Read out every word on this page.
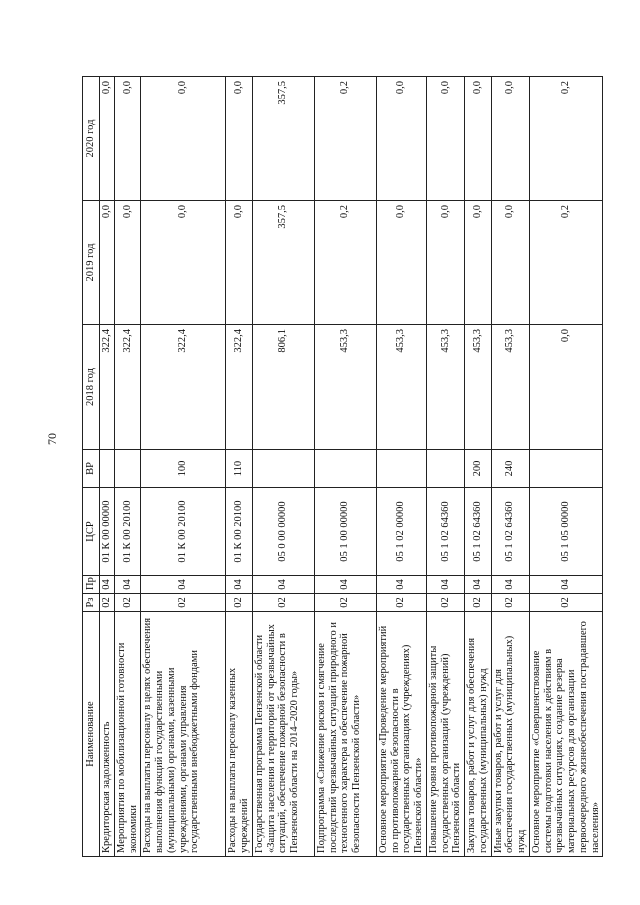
70
Наименование	Рз	Пр	ЦСР	ВР	2018 год	2019 год	2020 год
Кредиторская задолженность	02	04	01 К 00 00000		322,4	0,0	0,0
Мероприятия по мобилизационной готовности экономики	02	04	01 К 00 20100		322,4	0,0	0,0
Расходы на выплаты персоналу в целях обеспечения выполнения функций государственными (муниципальными) органами, казенными учреждениями, органами управления государственными внебюджетными фондами	02	04	01 К 00 20100	100	322,4	0,0	0,0
Расходы на выплаты персоналу казенных учреждений	02	04	01 К 00 20100	110	322,4	0,0	0,0
Государственная программа Пензенской области «Защита населения и территорий от чрезвычайных ситуаций, обеспечение пожарной безопасности в Пензенской области на 2014–2020 годы»	02	04	05 0 00 00000		806,1	357,5	357,5
Подпрограмма «Снижение рисков и смягчение последствий чрезвычайных ситуаций природного и техногенного характера и обеспечение пожарной безопасности Пензенской области»	02	04	05 1 00 00000		453,3	0,2	0,2
Основное мероприятие «Проведение мероприятий по противопожарной безопасности в государственных организациях (учреждениях) Пензенской области»	02	04	05 1 02 00000		453,3	0,0	0,0
Повышение уровня противопожарной защиты государственных организаций (учреждений) Пензенской области	02	04	05 1 02 64360		453,3	0,0	0,0
Закупка товаров, работ и услуг для обеспечения государственных (муниципальных) нужд	02	04	05 1 02 64360	200	453,3	0,0	0,0
Иные закупки товаров, работ и услуг для обеспечения государственных (муниципальных) нужд	02	04	05 1 02 64360	240	453,3	0,0	0,0
Основное мероприятие «Совершенствование системы подготовки населения к действиям в чрезвычайных ситуациях, создание резерва материальных ресурсов для организации первоочередного жизнеобеспечения пострадавшего населения»	02	04	05 1 05 00000		0,0	0,2	0,2
